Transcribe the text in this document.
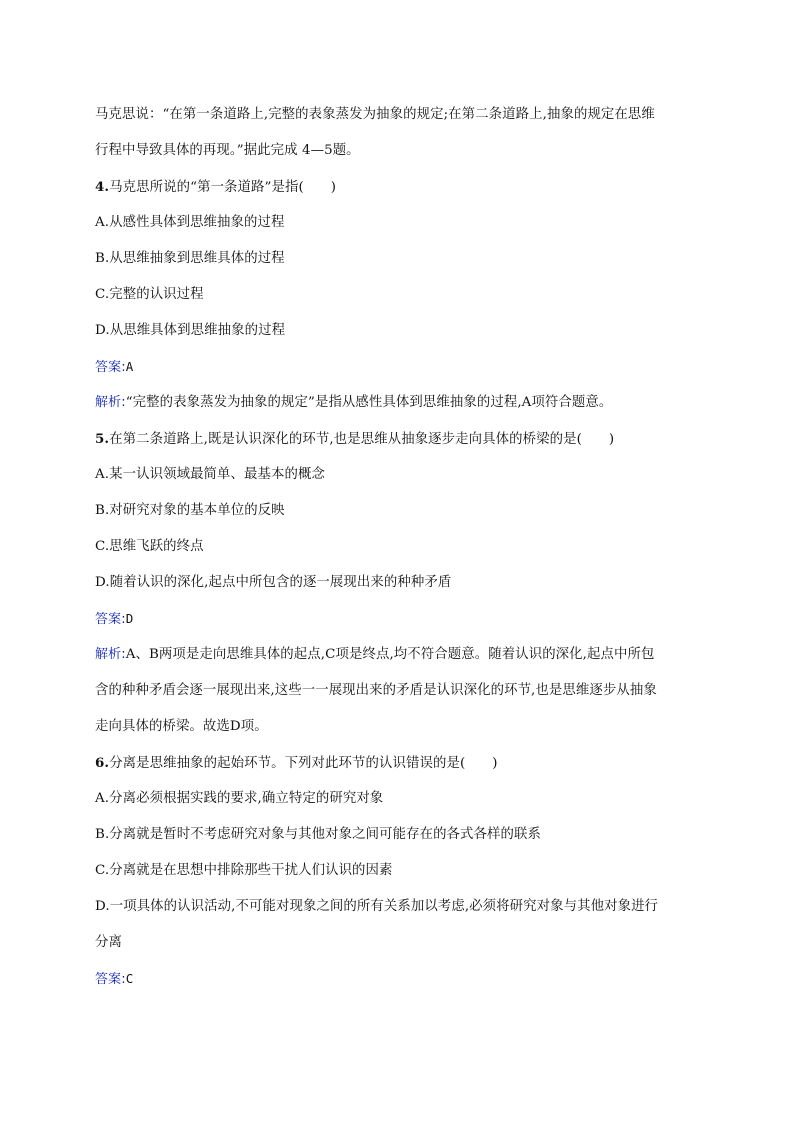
马克思说：“在第一条道路上,完整的表象蒸发为抽象的规定;在第二条道路上,抽象的规定在思维
行程中导致具体的再现。”据此完成 4—5题。
4.马克思所说的“第一条道路”是指(　　)
A.从感性具体到思维抽象的过程
B.从思维抽象到思维具体的过程
C.完整的认识过程
D.从思维具体到思维抽象的过程
答案:A
解析:“完整的表象蒸发为抽象的规定”是指从感性具体到思维抽象的过程,A项符合题意。
5.在第二条道路上,既是认识深化的环节,也是思维从抽象逐步走向具体的桥梁的是(　　)
A.某一认识领域最简单、最基本的概念
B.对研究对象的基本单位的反映
C.思维飞跃的终点
D.随着认识的深化,起点中所包含的逐一展现出来的种种矛盾
答案:D
解析:A、B两项是走向思维具体的起点,C项是终点,均不符合题意。随着认识的深化,起点中所包
含的种种矛盾会逐一展现出来,这些一一展现出来的矛盾是认识深化的环节,也是思维逐步从抽象
走向具体的桥梁。故选D项。
6.分离是思维抽象的起始环节。下列对此环节的认识错误的是(　　)
A.分离必须根据实践的要求,确立特定的研究对象
B.分离就是暂时不考虑研究对象与其他对象之间可能存在的各式各样的联系
C.分离就是在思想中排除那些干扰人们认识的因素
D.一项具体的认识活动,不可能对现象之间的所有关系加以考虑,必须将研究对象与其他对象进行
分离
答案:C
